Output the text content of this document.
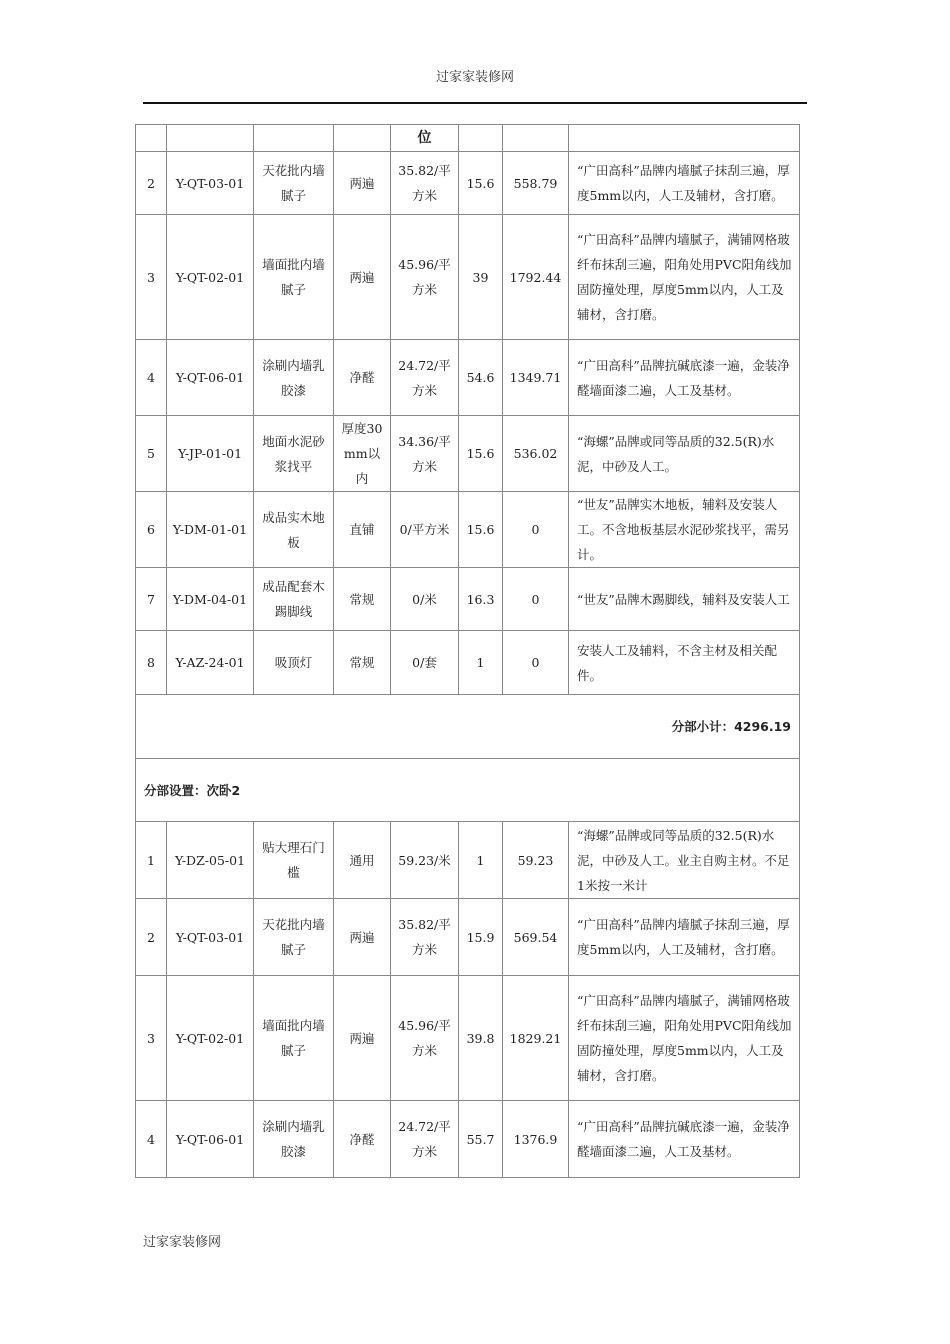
过家家装修网
				位			
2	Y-QT-03-01	天花批内墙腻子	两遍	35.82/平方米	15.6	558.79	“广田高科”品牌内墙腻子抹刮三遍，厚度5mm以内，人工及辅材，含打磨。
3	Y-QT-02-01	墙面批内墙腻子	两遍	45.96/平方米	39	1792.44	“广田高科”品牌内墙腻子，满铺网格玻纤布抹刮三遍，阳角处用PVC阳角线加固防撞处理，厚度5mm以内，人工及辅材，含打磨。
4	Y-QT-06-01	涂刷内墙乳胶漆	净醛	24.72/平方米	54.6	1349.71	“广田高科”品牌抗碱底漆一遍，金装净醛墙面漆二遍，人工及基材。
5	Y-JP-01-01	地面水泥砂浆找平	厚度30mm以内	34.36/平方米	15.6	536.02	“海螺”品牌或同等品质的32.5(R)水泥，中砂及人工。
6	Y-DM-01-01	成品实木地板	直铺	0/平方米	15.6	0	“世友”品牌实木地板，辅料及安装人工。不含地板基层水泥砂浆找平，需另计。
7	Y-DM-04-01	成品配套木踢脚线	常规	0/米	16.3	0	“世友”品牌木踢脚线，辅料及安装人工
8	Y-AZ-24-01	吸顶灯	常规	0/套	1	0	安装人工及辅料，不含主材及相关配件。
分部小计：4296.19							
分部设置：次卧2							
1	Y-DZ-05-01	贴大理石门槛	通用	59.23/米	1	59.23	“海螺”品牌或同等品质的32.5(R)水泥，中砂及人工。业主自购主材。不足1米按一米计
2	Y-QT-03-01	天花批内墙腻子	两遍	35.82/平方米	15.9	569.54	“广田高科”品牌内墙腻子抹刮三遍，厚度5mm以内，人工及辅材，含打磨。
3	Y-QT-02-01	墙面批内墙腻子	两遍	45.96/平方米	39.8	1829.21	“广田高科”品牌内墙腻子，满铺网格玻纤布抹刮三遍，阳角处用PVC阳角线加固防撞处理，厚度5mm以内，人工及辅材，含打磨。
4	Y-QT-06-01	涂刷内墙乳胶漆	净醛	24.72/平方米	55.7	1376.9	“广田高科”品牌抗碱底漆一遍，金装净醛墙面漆二遍，人工及基材。
过家家装修网
